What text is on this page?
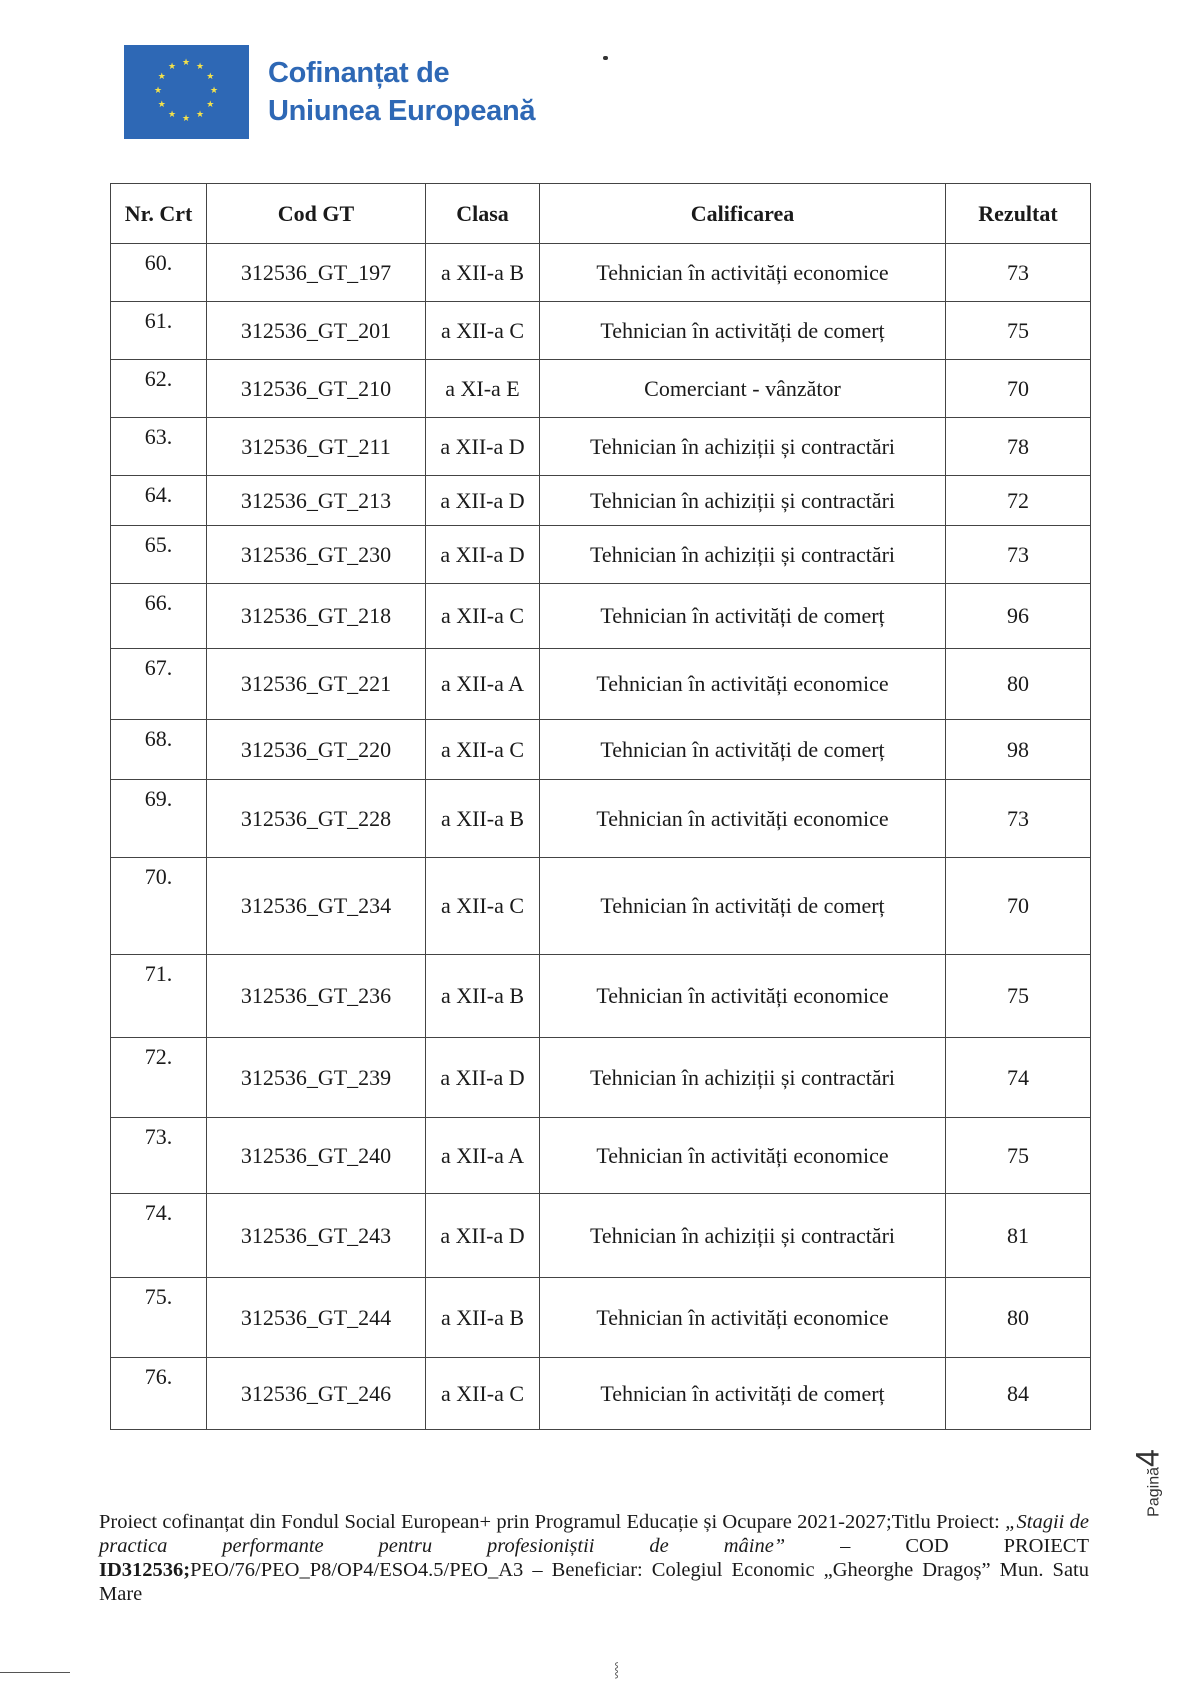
★ ★
★
★
★
★
★
★
★
★
★
★	Cofinanțat de
Uniunea Europeană
Nr. Crt	Cod GT	Clasa	Calificarea	Rezultat
60.	312536_GT_197	a XII-a B	Tehnician în activități economice	73
61.	312536_GT_201	a XII-a C	Tehnician în activități de comerț	75
62.	312536_GT_210	a XI-a E	Comerciant - vânzător	70
63.	312536_GT_211	a XII-a D	Tehnician în achiziții și contractări	78
64.	312536_GT_213	a XII-a D	Tehnician în achiziții și contractări	72
65.	312536_GT_230	a XII-a D	Tehnician în achiziții și contractări	73
66.	312536_GT_218	a XII-a C	Tehnician în activități de comerț	96
67.	312536_GT_221	a XII-a A	Tehnician în activități economice	80
68.	312536_GT_220	a XII-a C	Tehnician în activități de comerț	98
69.	312536_GT_228	a XII-a B	Tehnician în activități economice	73
70.	312536_GT_234	a XII-a C	Tehnician în activități de comerț	70
71.	312536_GT_236	a XII-a B	Tehnician în activități economice	75
72.	312536_GT_239	a XII-a D	Tehnician în achiziții și contractări	74
73.	312536_GT_240	a XII-a A	Tehnician în activități economice	75
74.	312536_GT_243	a XII-a D	Tehnician în achiziții și contractări	81
75.	312536_GT_244	a XII-a B	Tehnician în activități economice	80
76.	312536_GT_246	a XII-a C	Tehnician în activități de comerț	84
Proiect cofinanțat din Fondul Social European+ prin Programul Educație și Ocupare 2021-2027;Titlu Proiect: „Stagii de practica performante pentru profesioniștii de mâine” – COD PROIECT ID312536;PEO/76/PEO_P8/OP4/ESO4.5/PEO_A3 – Beneficiar: Colegiul Economic „Gheorghe Dragoș” Mun. Satu Mare
Pagină4
⸾
